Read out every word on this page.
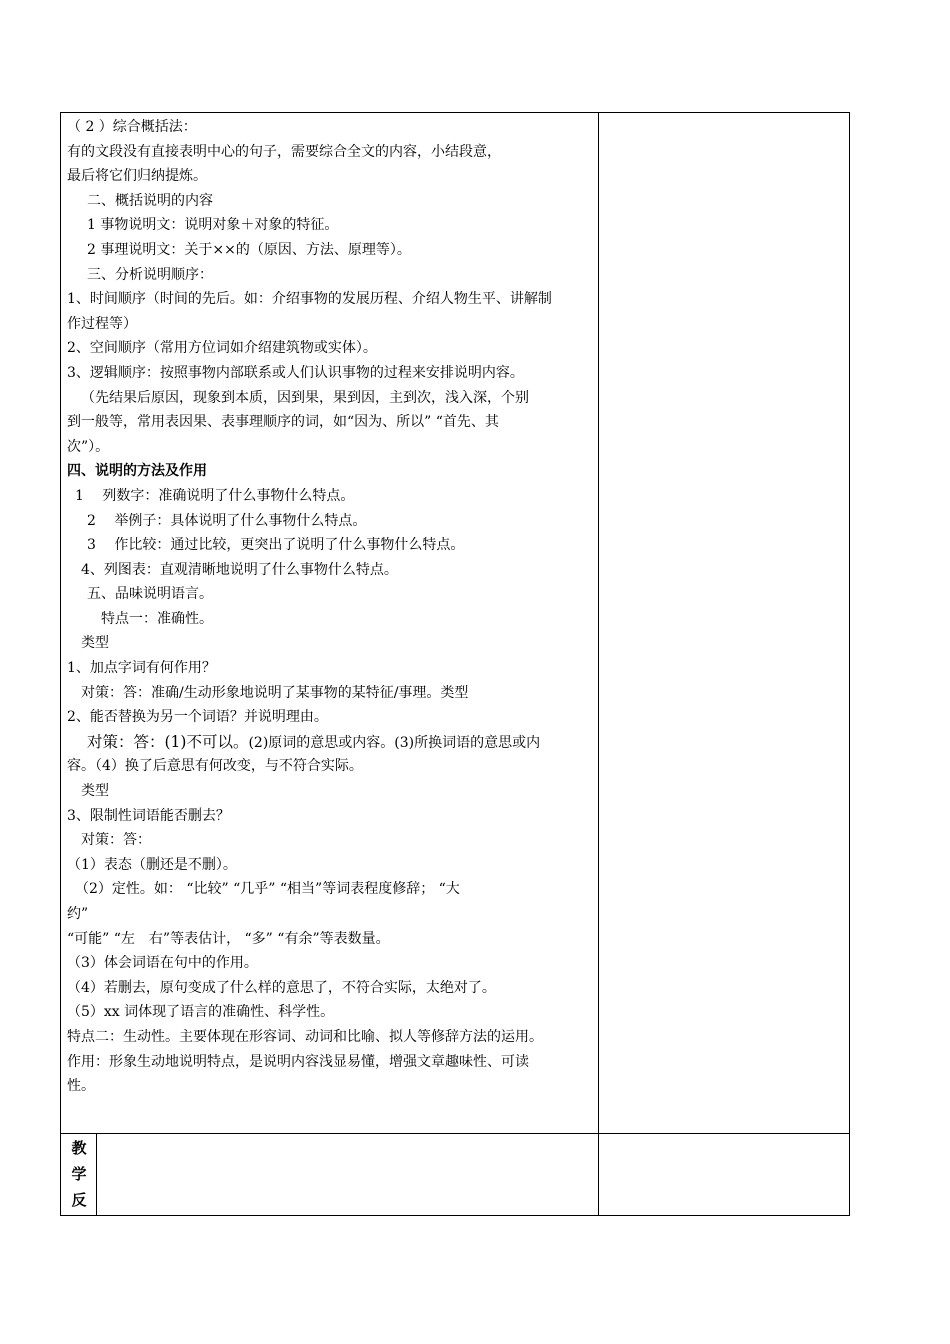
（ 2 ）综合概括法：
有的文段没有直接表明中心的句子，需要综合全文的内容，小结段意，
最后将它们归纳提炼。
二、概括说明的内容
1 事物说明文：说明对象＋对象的特征。
2 事理说明文：关于××的（原因、方法、原理等）。
三、分析说明顺序：
1、时间顺序（时间的先后。如：介绍事物的发展历程、介绍人物生平、讲解制
作过程等）
2、空间顺序（常用方位词如介绍建筑物或实体）。
3、逻辑顺序：按照事物内部联系或人们认识事物的过程来安排说明内容。
（先结果后原因，现象到本质，因到果，果到因，主到次，浅入深，个别
到一般等，常用表因果、表事理顺序的词，如“因为、所以” “首先、其
次”）。
四、说明的方法及作用
1　 列数字：准确说明了什么事物什么特点。
2　 举例子：具体说明了什么事物什么特点。
3　 作比较：通过比较，更突出了说明了什么事物什么特点。
4、列图表：直观清晰地说明了什么事物什么特点。
五、品味说明语言。
特点一：准确性。
类型
1、加点字词有何作用？
对策：答：准确/生动形象地说明了某事物的某特征/事理。类型
2、能否替换为另一个词语？并说明理由。
对策：答：(1)不可以。(2)原词的意思或内容。(3)所换词语的意思或内
容。（4）换了后意思有何改变，与不符合实际。
类型
3、限制性词语能否删去？
对策：答：
（1）表态（删还是不删）。
（2）定性。如： “比较” “几乎” “相当”等词表程度修辞； “大
约”
“可能” “左　右”等表估计， “多” “有余”等表数量。
（3）体会词语在句中的作用。
（4）若删去，原句变成了什么样的意思了，不符合实际，太绝对了。
（5）xx 词体现了语言的准确性、科学性。
特点二：生动性。主要体现在形容词、动词和比喻、拟人等修辞方法的运用。
作用：形象生动地说明特点，是说明内容浅显易懂，增强文章趣味性、可读
性。
教
学
反
